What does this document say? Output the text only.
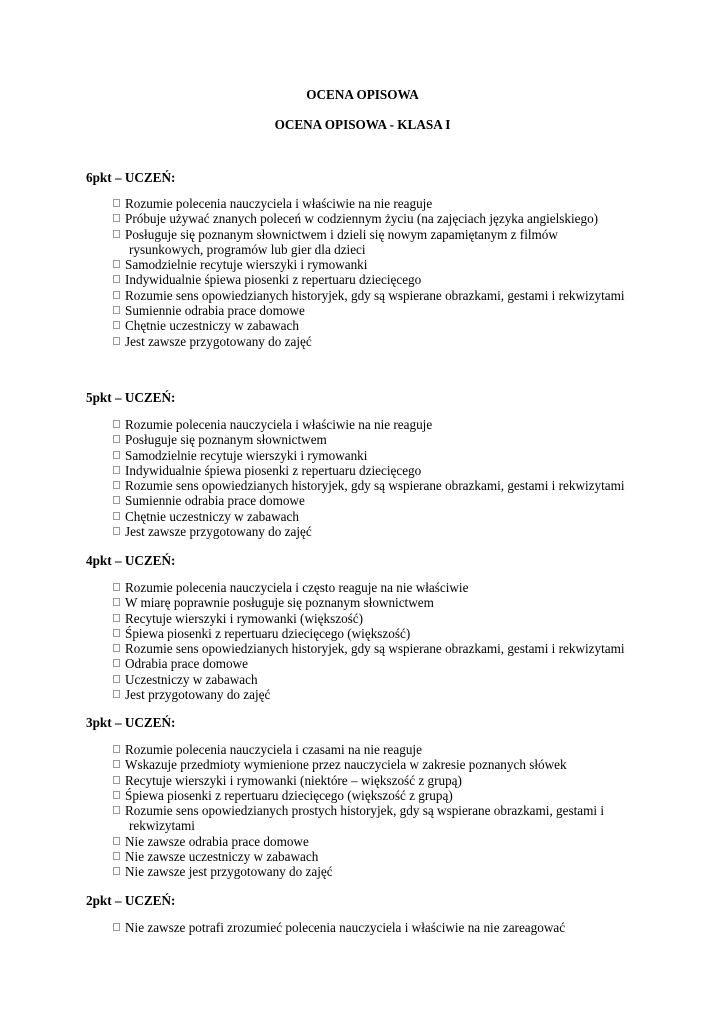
OCENA OPISOWA
OCENA OPISOWA - KLASA I
6pkt – UCZEŃ:
Rozumie polecenia nauczyciela i właściwie na nie reaguje
Próbuje używać znanych poleceń w codziennym życiu (na zajęciach języka angielskiego)
Posługuje się poznanym słownictwem i dzieli się nowym zapamiętanym z filmów
rysunkowych, programów lub gier dla dzieci
Samodzielnie recytuje wierszyki i rymowanki
Indywidualnie śpiewa piosenki z repertuaru dziecięcego
Rozumie sens opowiedzianych historyjek, gdy są wspierane obrazkami, gestami i rekwizytami
Sumiennie odrabia prace domowe
Chętnie uczestniczy w zabawach
Jest zawsze przygotowany do zajęć
5pkt – UCZEŃ:
Rozumie polecenia nauczyciela i właściwie na nie reaguje
Posługuje się poznanym słownictwem
Samodzielnie recytuje wierszyki i rymowanki
Indywidualnie śpiewa piosenki z repertuaru dziecięcego
Rozumie sens opowiedzianych historyjek, gdy są wspierane obrazkami, gestami i rekwizytami
Sumiennie odrabia prace domowe
Chętnie uczestniczy w zabawach
Jest zawsze przygotowany do zajęć
4pkt – UCZEŃ:
Rozumie polecenia nauczyciela i często reaguje na nie właściwie
W miarę poprawnie posługuje się poznanym słownictwem
Recytuje wierszyki i rymowanki (większość)
Śpiewa piosenki z repertuaru dziecięcego (większość)
Rozumie sens opowiedzianych historyjek, gdy są wspierane obrazkami, gestami i rekwizytami
Odrabia prace domowe
Uczestniczy w zabawach
Jest przygotowany do zajęć
3pkt – UCZEŃ:
Rozumie polecenia nauczyciela i czasami na nie reaguje
Wskazuje przedmioty wymienione przez nauczyciela w zakresie poznanych słówek
Recytuje wierszyki i rymowanki (niektóre – większość z grupą)
Śpiewa piosenki z repertuaru dziecięcego (większość z grupą)
Rozumie sens opowiedzianych prostych historyjek, gdy są wspierane obrazkami, gestami i
rekwizytami
Nie zawsze odrabia prace domowe
Nie zawsze uczestniczy w zabawach
Nie zawsze jest przygotowany do zajęć
2pkt – UCZEŃ:
Nie zawsze potrafi zrozumieć polecenia nauczyciela i właściwie na nie zareagować
